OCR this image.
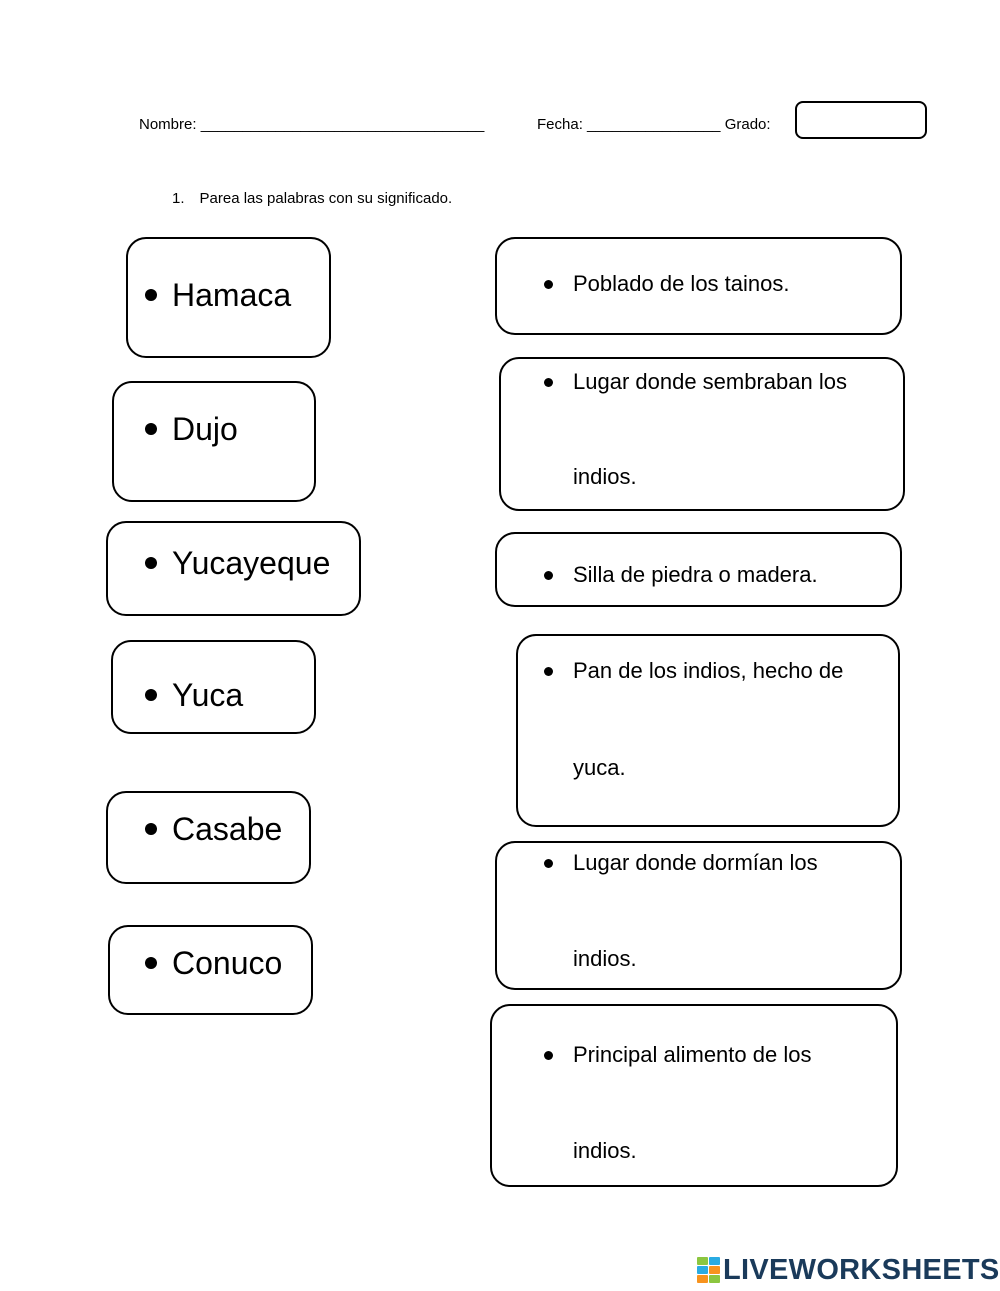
Nombre: __________________________________	Fecha: ________________ Grado:
1. Parea las palabras con su significado.
Hamaca
Dujo
Yucayeque
Yuca
Casabe
Conuco
Poblado de los tainos.
Lugar donde sembraban los
indios.
Silla de piedra o madera.
Pan de los indios, hecho de
yuca.
Lugar donde dormían los
indios.
Principal alimento de los
indios.
LIVEWORKSHEETS
